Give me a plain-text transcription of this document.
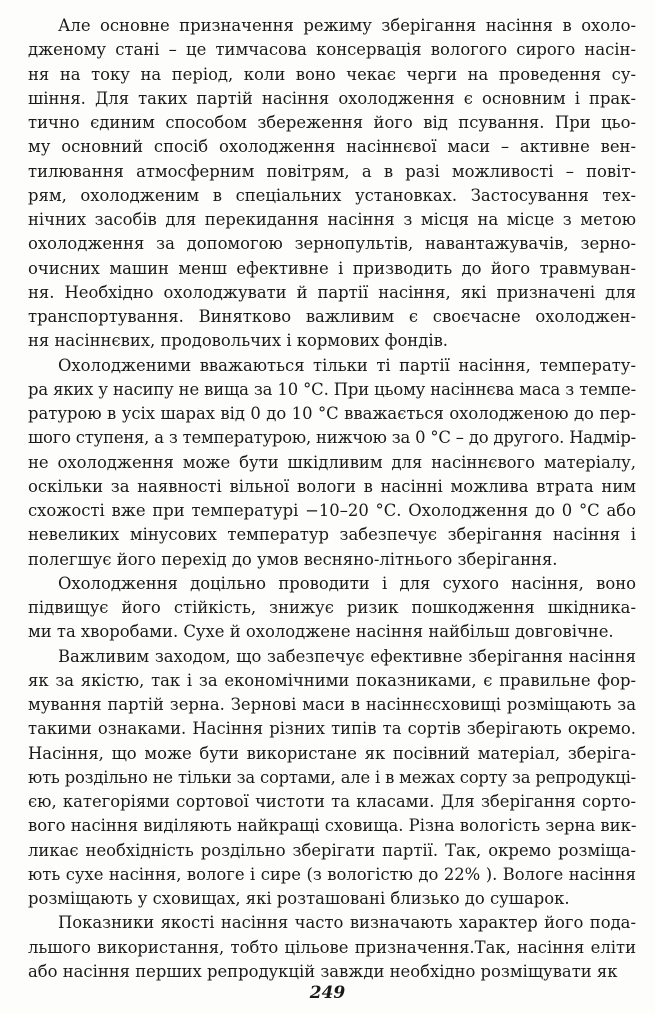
Але основне призначення режиму зберігання насіння в охоло-
дженому стані – це тимчасова консервація вологого сирого насін-
ня на току на період, коли воно чекає черги на проведення су-
шіння. Для таких партій насіння охолодження є основним і прак-
тично єдиним способом збереження його від псування. При цьо-
му основний спосіб охолодження насіннєвої маси – активне вен-
тилювання атмосферним повітрям, а в разі можливості – повіт-
рям, охолодженим в спеціальних установках. Застосування тех-
нічних засобів для перекидання насіння з місця на місце з метою
охолодження за допомогою зернопультів, навантажувачів, зерно-
очисних машин менш ефективне і призводить до його травмуван-
ня. Необхідно охолоджувати й партії насіння, які призначені для
транспортування. Винятково важливим є своєчасне охолоджен-
ня насіннєвих, продовольчих і кормових фондів.
Охолодженими вважаються тільки ті партії насіння, температу-
ра яких у насипу не вища за 10 °С. При цьому насіннєва маса з темпе-
ратурою в усіх шарах від 0 до 10 °С вважається охолодженою до пер-
шого ступеня, а з температурою, нижчою за 0 °С – до другого. Надмір-
не охолодження може бути шкідливим для насіннєвого матеріалу,
оскільки за наявності вільної вологи в насінні можлива втрата ним
схожості вже при температурі −10–20 °С. Охолодження до 0 °С або
невеликих мінусових температур забезпечує зберігання насіння і
полегшує його перехід до умов весняно-літнього зберігання.
Охолодження доцільно проводити і для сухого насіння, воно
підвищує його стійкість, знижує ризик пошкодження шкідника-
ми та хворобами. Сухе й охолоджене насіння найбільш довговічне.
Важливим заходом, що забезпечує ефективне зберігання насіння
як за якістю, так і за економічними показниками, є правильне фор-
мування партій зерна. Зернові маси в насіннєсховищі розміщають за
такими ознаками. Насіння різних типів та сортів зберігають окремо.
Насіння, що може бути використане як посівний матеріал, зберіга-
ють роздільно не тільки за сортами, але і в межах сорту за репродукці-
єю, категоріями сортової чистоти та класами. Для зберігання сорто-
вого насіння виділяють найкращі сховища. Різна вологість зерна вик-
ликає необхідність роздільно зберігати партії. Так, окремо розміща-
ють сухе насіння, вологе і сире (з вологістю до 22% ). Вологе насіння
розміщають у сховищах, які розташовані близько до сушарок.
Показники якості насіння часто визначають характер його пода-
льшого використання, тобто цільове призначення.Так, насіння еліти
або насіння перших репродукцій завжди необхідно розміщувати як
249
